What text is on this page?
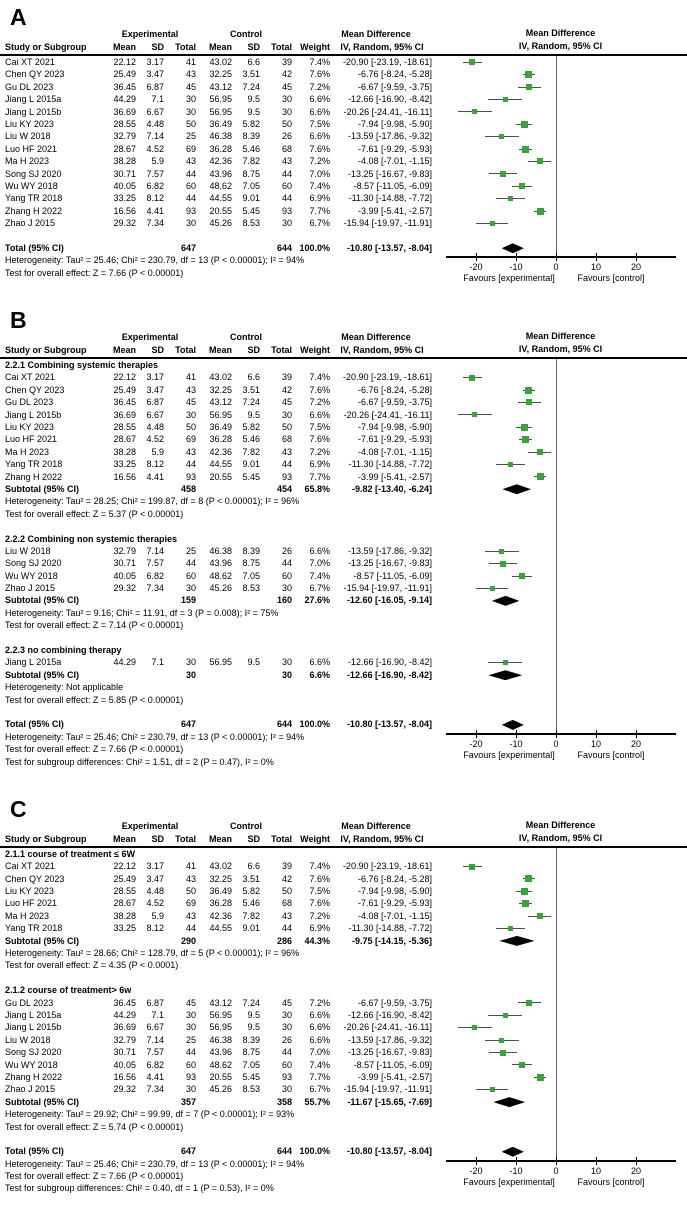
A
Experimental	Control	Mean Difference
Study or Subgroup	Mean	SD	Total	Mean	SD	Total Weight	IV, Random, 95% CI
Cai XT 2021	22.12	3.17	41	43.02	6.6	39	7.4%	-20.90 [-23.19, -18.61]
Chen QY 2023	25.49	3.47	43	32.25	3.51	42	7.6%	-6.76 [-8.24, -5.28]
Gu DL 2023	36.45	6.87	45	43.12	7.24	45	7.2%	-6.67 [-9.59, -3.75]
Jiang L 2015a	44.29	7.1	30	56.95	9.5	30	6.6%	-12.66 [-16.90, -8.42]
Jiang L 2015b	36.69	6.67	30	56.95	9.5	30	6.6%	-20.26 [-24.41, -16.11]
Liu KY 2023	28.55	4.48	50	36.49	5.82	50	7.5%	-7.94 [-9.98, -5.90]
Liu W 2018	32.79	7.14	25	46.38	8.39	26	6.6%	-13.59 [-17.86, -9.32]
Luo HF 2021	28.67	4.52	69	36.28	5.46	68	7.6%	-7.61 [-9.29, -5.93]
Ma H 2023	38.28	5.9	43	42.36	7.82	43	7.2%	-4.08 [-7.01, -1.15]
Song SJ 2020	30.71	7.57	44	43.96	8.75	44	7.0%	-13.25 [-16.67, -9.83]
Wu WY 2018	40.05	6.82	60	48.62	7.05	60	7.4%	-8.57 [-11.05, -6.09]
Yang TR 2018	33.25	8.12	44	44.55	9.01	44	6.9%	-11.30 [-14.88, -7.72]
Zhang H 2022	16.56	4.41	93	20.55	5.45	93	7.7%	-3.99 [-5.41, -2.57]
Zhao J 2015	29.32	7.34	30	45.26	8.53	30	6.7%	-15.94 [-19.97, -11.91]
Total (95% CI)	647	644 100.0%	-10.80 [-13.57, -8.04]
Heterogeneity: Tau² = 25.46; Chi² = 230.79, df = 13 (P < 0.00001); I² = 94%
Test for overall effect: Z = 7.66 (P < 0.00001)
Mean Difference
IV, Random, 95% CI
-20	-10	0	10	20
Favours [experimental]	Favours [control]
B
Experimental	Control	Mean Difference
Study or Subgroup	Mean	SD	Total	Mean	SD	Total Weight	IV, Random, 95% CI
2.2.1 Combining systemic therapies
Cai XT 2021	22.12	3.17	41	43.02	6.6	39	7.4%	-20.90 [-23.19, -18.61]
Chen QY 2023	25.49	3.47	43	32.25	3.51	42	7.6%	-6.76 [-8.24, -5.28]
Gu DL 2023	36.45	6.87	45	43.12	7.24	45	7.2%	-6.67 [-9.59, -3.75]
Jiang L 2015b	36.69	6.67	30	56.95	9.5	30	6.6%	-20.26 [-24.41, -16.11]
Liu KY 2023	28.55	4.48	50	36.49	5.82	50	7.5%	-7.94 [-9.98, -5.90]
Luo HF 2021	28.67	4.52	69	36.28	5.46	68	7.6%	-7.61 [-9.29, -5.93]
Ma H 2023	38.28	5.9	43	42.36	7.82	43	7.2%	-4.08 [-7.01, -1.15]
Yang TR 2018	33.25	8.12	44	44.55	9.01	44	6.9%	-11.30 [-14.88, -7.72]
Zhang H 2022	16.56	4.41	93	20.55	5.45	93	7.7%	-3.99 [-5.41, -2.57]
Subtotal (95% CI)	458	454	65.8%	-9.82 [-13.40, -6.24]
Heterogeneity: Tau² = 28.25; Chi² = 199.87, df = 8 (P < 0.00001); I² = 96%
Test for overall effect: Z = 5.37 (P < 0.00001)
2.2.2 Combining non systemic therapies
Liu W 2018	32.79	7.14	25	46.38	8.39	26	6.6%	-13.59 [-17.86, -9.32]
Song SJ 2020	30.71	7.57	44	43.96	8.75	44	7.0%	-13.25 [-16.67, -9.83]
Wu WY 2018	40.05	6.82	60	48.62	7.05	60	7.4%	-8.57 [-11.05, -6.09]
Zhao J 2015	29.32	7.34	30	45.26	8.53	30	6.7%	-15.94 [-19.97, -11.91]
Subtotal (95% CI)	159	160	27.6%	-12.60 [-16.05, -9.14]
Heterogeneity: Tau² = 9.16; Chi² = 11.91, df = 3 (P = 0.008); I² = 75%
Test for overall effect: Z = 7.14 (P < 0.00001)
2.2.3 no combining therapy
Jiang L 2015a	44.29	7.1	30	56.95	9.5	30	6.6%	-12.66 [-16.90, -8.42]
Subtotal (95% CI)	30	30	6.6%	-12.66 [-16.90, -8.42]
Heterogeneity: Not applicable
Test for overall effect: Z = 5.85 (P < 0.00001)
Total (95% CI)	647	644 100.0%	-10.80 [-13.57, -8.04]
Heterogeneity: Tau² = 25.46; Chi² = 230.79, df = 13 (P < 0.00001); I² = 94%
Test for overall effect: Z = 7.66 (P < 0.00001)
Test for subgroup differences: Chi² = 1.51, df = 2 (P = 0.47), I² = 0%
Mean Difference
IV, Random, 95% CI
-20	-10	0	10	20
Favours [experimental]	Favours [control]
C
Experimental	Control	Mean Difference
Study or Subgroup	Mean	SD	Total	Mean	SD	Total Weight	IV, Random, 95% CI
2.1.1 course of treatment ≤ 6W
Cai XT 2021	22.12	3.17	41	43.02	6.6	39	7.4%	-20.90 [-23.19, -18.61]
Chen QY 2023	25.49	3.47	43	32.25	3.51	42	7.6%	-6.76 [-8.24, -5.28]
Liu KY 2023	28.55	4.48	50	36.49	5.82	50	7.5%	-7.94 [-9.98, -5.90]
Luo HF 2021	28.67	4.52	69	36.28	5.46	68	7.6%	-7.61 [-9.29, -5.93]
Ma H 2023	38.28	5.9	43	42.36	7.82	43	7.2%	-4.08 [-7.01, -1.15]
Yang TR 2018	33.25	8.12	44	44.55	9.01	44	6.9%	-11.30 [-14.88, -7.72]
Subtotal (95% CI)	290	286	44.3%	-9.75 [-14.15, -5.36]
Heterogeneity: Tau² = 28.66; Chi² = 128.79, df = 5 (P < 0.00001); I² = 96%
Test for overall effect: Z = 4.35 (P < 0.0001)
2.1.2 course of treatment> 6w
Gu DL 2023	36.45	6.87	45	43.12	7.24	45	7.2%	-6.67 [-9.59, -3.75]
Jiang L 2015a	44.29	7.1	30	56.95	9.5	30	6.6%	-12.66 [-16.90, -8.42]
Jiang L 2015b	36.69	6.67	30	56.95	9.5	30	6.6%	-20.26 [-24.41, -16.11]
Liu W 2018	32.79	7.14	25	46.38	8.39	26	6.6%	-13.59 [-17.86, -9.32]
Song SJ 2020	30.71	7.57	44	43.96	8.75	44	7.0%	-13.25 [-16.67, -9.83]
Wu WY 2018	40.05	6.82	60	48.62	7.05	60	7.4%	-8.57 [-11.05, -6.09]
Zhang H 2022	16.56	4.41	93	20.55	5.45	93	7.7%	-3.99 [-5.41, -2.57]
Zhao J 2015	29.32	7.34	30	45.26	8.53	30	6.7%	-15.94 [-19.97, -11.91]
Subtotal (95% CI)	357	358	55.7%	-11.67 [-15.65, -7.69]
Heterogeneity: Tau² = 29.92; Chi² = 99.99, df = 7 (P < 0.00001); I² = 93%
Test for overall effect: Z = 5.74 (P < 0.00001)
Total (95% CI)	647	644 100.0%	-10.80 [-13.57, -8.04]
Heterogeneity: Tau² = 25.46; Chi² = 230.79, df = 13 (P < 0.00001); I² = 94%
Test for overall effect: Z = 7.66 (P < 0.00001)
Test for subgroup differences: Chi² = 0.40, df = 1 (P = 0.53), I² = 0%
Mean Difference
IV, Random, 95% CI
-20	-10	0	10	20
Favours [experimental]	Favours [control]
